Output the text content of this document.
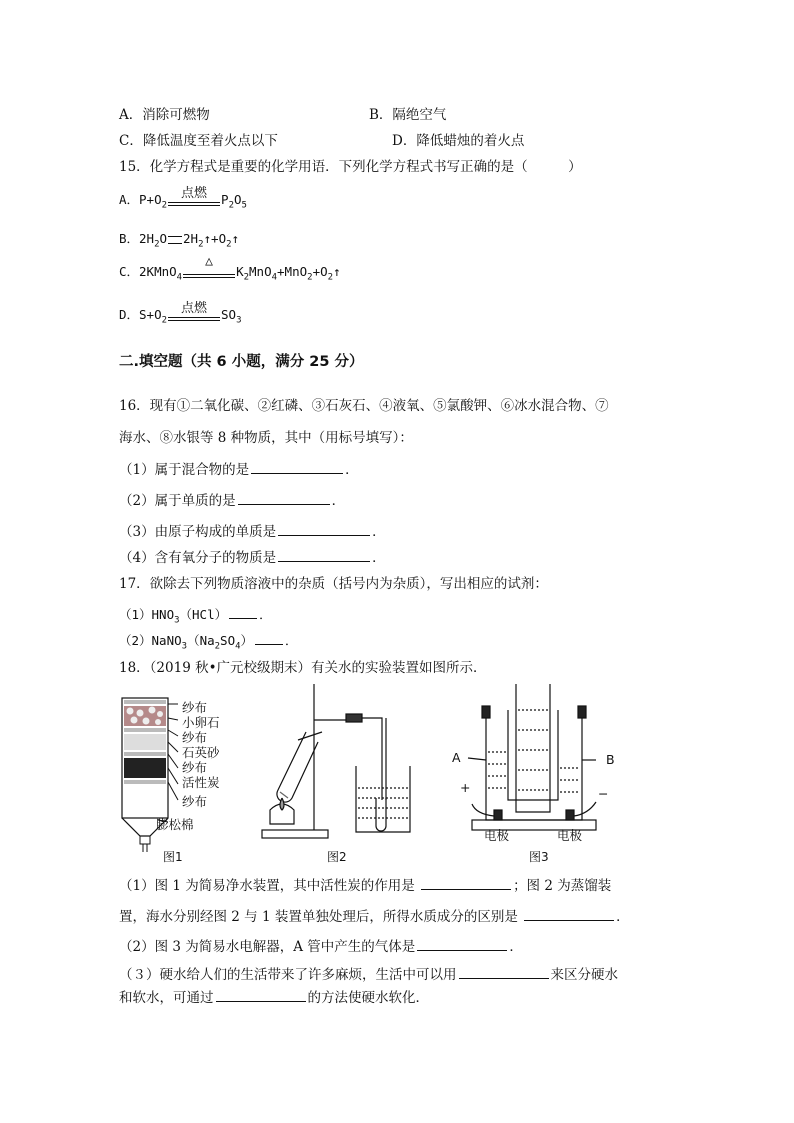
A．消除可燃物	B．隔绝空气
C．降低温度至着火点以下	D．降低蜡烛的着火点
15．化学方程式是重要的化学用语．下列化学方程式书写正确的是（　　　）
A．$P+O_2$
点燃	$P_2O_5$
B．$2H_2O$ $2H_2↑+O_2↑$
C．2KMnO$_4$
△
$K_2MnO_4+MnO_2+O_2↑$
D．$S+O_2$
点燃	$SO_3$
二.填空题（共 6 小题，满分 25 分）
16．现有①二氧化碳、②红磷、③石灰石、④液氧、⑤氯酸钾、⑥冰水混合物、⑦
海水、⑧水银等 8 种物质，其中（用标号填写）：
（1）属于混合物的是	．
（2）属于单质的是	．
（3）由原子构成的单质是	．
（4）含有氧分子的物质是	．
17．欲除去下列物质溶液中的杂质（括号内为杂质），写出相应的试剂：
$(1)HNO_3(HCl)$	．
$(2)NaNO_3(Na_2SO_4)$	．
18．（2019 秋•广元校级期末）有关水的实验装置如图所示．
纱布
小卵石
纱布
石英砂
纱布
活性炭
纱布
膨松棉
A	B
+	−
电极	电极
图1	图2	图3
（1）图 1 为简易净水装置，其中活性炭的作用是	；图 2 为蒸馏装
置，海水分别经图 2 与 1 装置单独处理后，所得水质成分的区别是	．
（2）图 3 为简易水电解器，A 管中产生的气体是	．
（３）硬水给人们的生活带来了许多麻烦，生活中可以用	来区分硬水
和软水，可通过	的方法使硬水软化．
